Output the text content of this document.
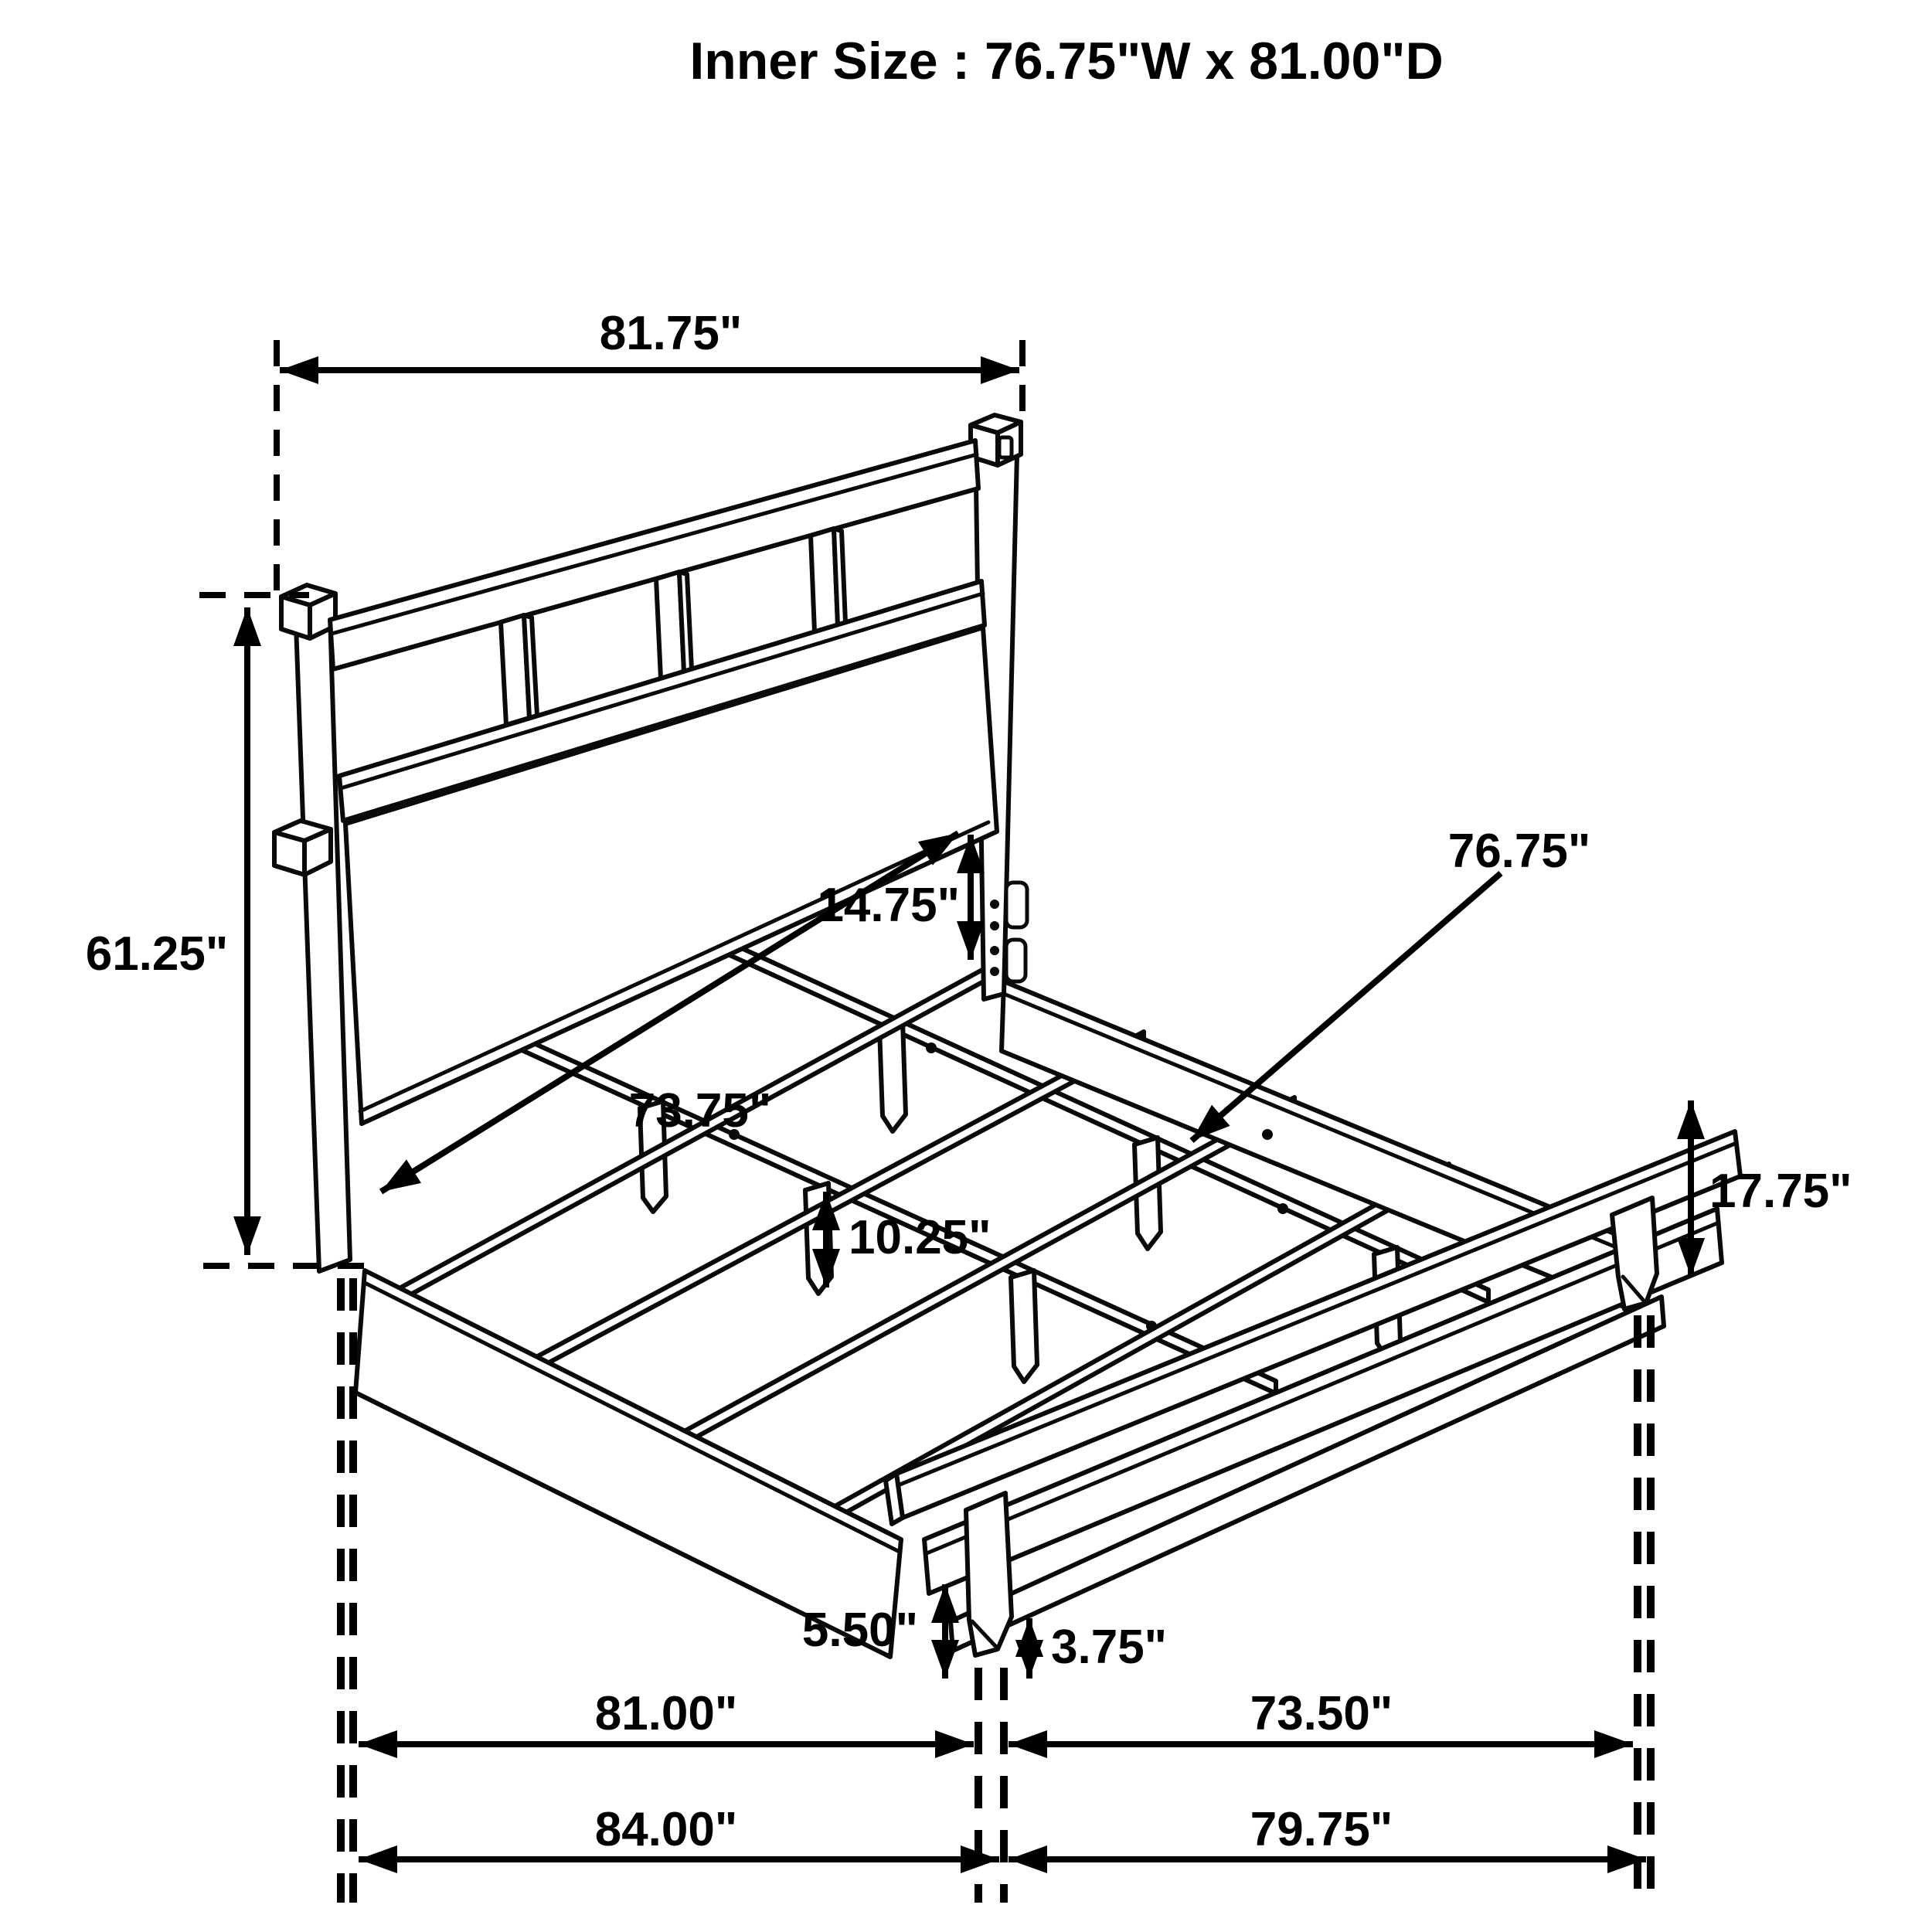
Inner Size : 76.75"W x 81.00"D
81.75"
61.25"
73.75"
14.75"
76.75"
10.25"
17.75"
5.50"	3.75"
81.00"	73.50"
84.00"	79.75"
